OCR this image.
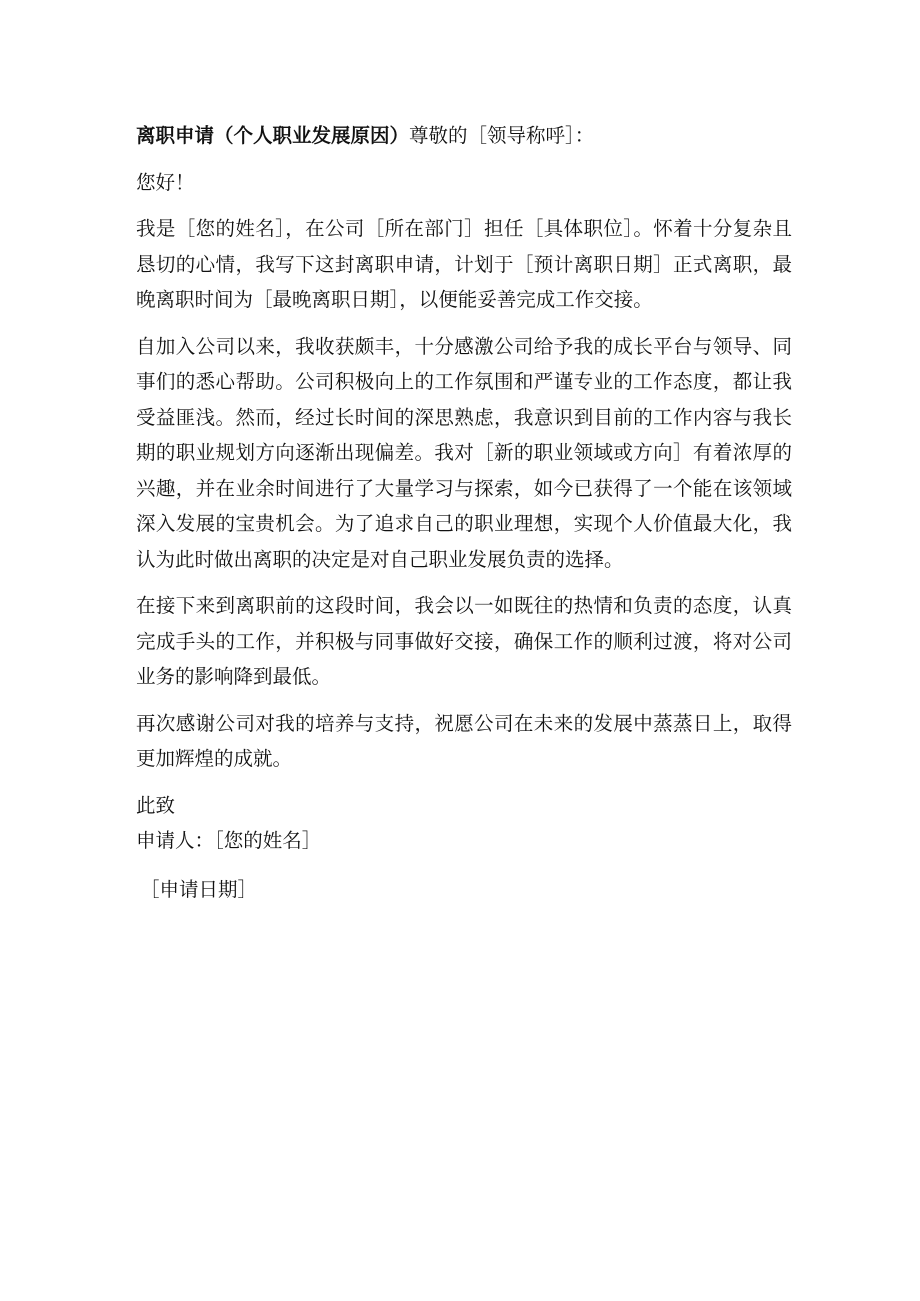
离职申请（个人职业发展原因）尊敬的［领导称呼］：

您好！

我是［您的姓名］，在公司［所在部门］担任［具体职位］。怀着十分复杂且恳切的心情，我写下这封离职申请，计划于［预计离职日期］正式离职，最晚离职时间为［最晚离职日期］，以便能妥善完成工作交接。

自加入公司以来，我收获颇丰，十分感激公司给予我的成长平台与领导、同事们的悉心帮助。公司积极向上的工作氛围和严谨专业的工作态度，都让我受益匪浅。然而，经过长时间的深思熟虑，我意识到目前的工作内容与我长期的职业规划方向逐渐出现偏差。我对［新的职业领域或方向］有着浓厚的兴趣，并在业余时间进行了大量学习与探索，如今已获得了一个能在该领域深入发展的宝贵机会。为了追求自己的职业理想，实现个人价值最大化，我认为此时做出离职的决定是对自己职业发展负责的选择。

在接下来到离职前的这段时间，我会以一如既往的热情和负责的态度，认真完成手头的工作，并积极与同事做好交接，确保工作的顺利过渡，将对公司业务的影响降到最低。

再次感谢公司对我的培养与支持，祝愿公司在未来的发展中蒸蒸日上，取得更加辉煌的成就。

此致

申请人：［您的姓名］

［申请日期］
